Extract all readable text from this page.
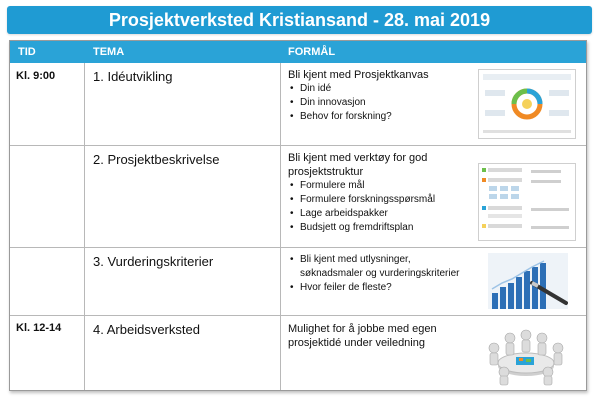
Prosjektverksted Kristiansand - 28. mai 2019
TID	TEMA	FORMÅL
Kl. 9:00	1. Idéutvikling	Bli kjent med Prosjektkanvas
• Din idé
• Din innovasjon
• Behov for forskning?
2. Prosjektbeskrivelse	Bli kjent med verktøy for god
prosjektstruktur
• Formulere mål
• Formulere forskningsspørsmål
• Lage arbeidspakker
• Budsjett og fremdriftsplan
3. Vurderingskriterier
•	Bli kjent med utlysninger, søknadsmaler og vurderingskriterier
• Hvor feiler de fleste?
Kl. 12-14 4. Arbeidsverksted	Mulighet for å jobbe med egen
prosjektidé under veiledning
